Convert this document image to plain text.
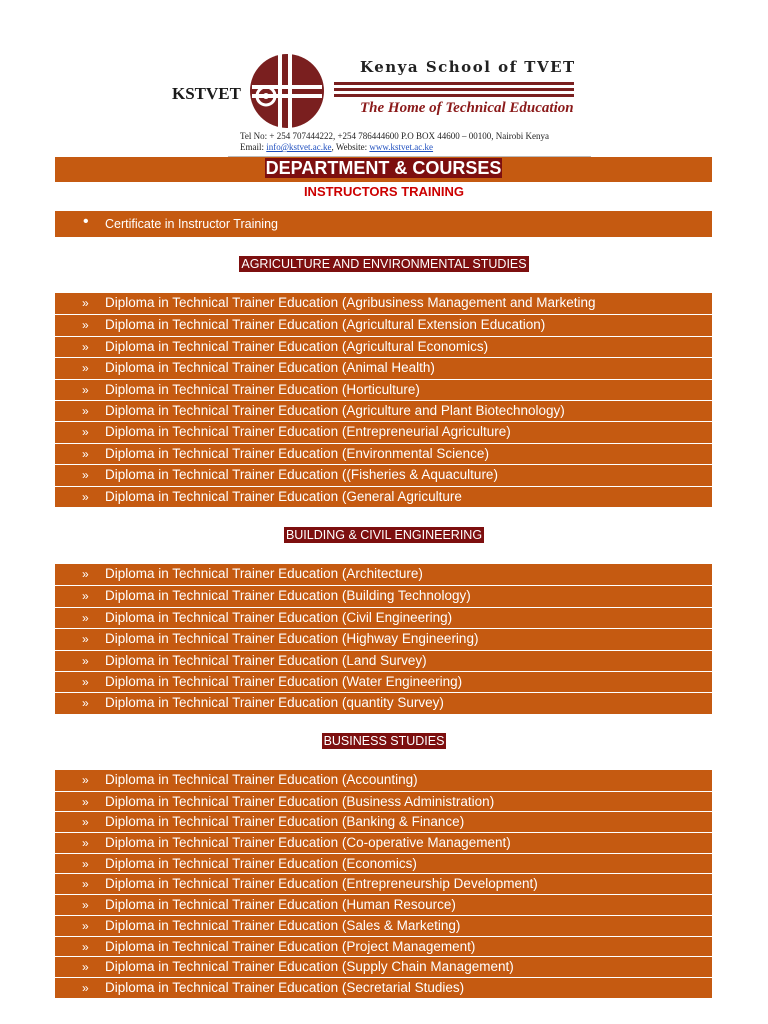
KSTVET
Kenya School of TVET
The Home of Technical Education
Tel No: + 254 707444222, +254 786444600 P.O BOX 44600 – 00100, Nairobi Kenya
Email: info@kstvet.ac.ke, Website: www.kstvet.ac.ke
DEPARTMENT & COURSES
INSTRUCTORS TRAINING
• Certificate in Instructor Training
AGRICULTURE AND ENVIRONMENTAL STUDIES
» Diploma in Technical Trainer Education (Agribusiness Management and Marketing
» Diploma in Technical Trainer Education (Agricultural Extension Education)
» Diploma in Technical Trainer Education (Agricultural Economics)
» Diploma in Technical Trainer Education (Animal Health)
» Diploma in Technical Trainer Education (Horticulture)
» Diploma in Technical Trainer Education (Agriculture and Plant Biotechnology)
» Diploma in Technical Trainer Education (Entrepreneurial Agriculture)
» Diploma in Technical Trainer Education (Environmental Science)
» Diploma in Technical Trainer Education ((Fisheries & Aquaculture)
» Diploma in Technical Trainer Education (General Agriculture
BUILDING & CIVIL ENGINEERING
» Diploma in Technical Trainer Education (Architecture)
» Diploma in Technical Trainer Education (Building Technology)
» Diploma in Technical Trainer Education (Civil Engineering)
» Diploma in Technical Trainer Education (Highway Engineering)
» Diploma in Technical Trainer Education (Land Survey)
» Diploma in Technical Trainer Education (Water Engineering)
» Diploma in Technical Trainer Education (quantity Survey)
BUSINESS STUDIES
» Diploma in Technical Trainer Education (Accounting)
» Diploma in Technical Trainer Education (Business Administration)
» Diploma in Technical Trainer Education (Banking & Finance)
» Diploma in Technical Trainer Education (Co-operative Management)
» Diploma in Technical Trainer Education (Economics)
» Diploma in Technical Trainer Education (Entrepreneurship Development)
» Diploma in Technical Trainer Education (Human Resource)
» Diploma in Technical Trainer Education (Sales & Marketing)
» Diploma in Technical Trainer Education (Project Management)
» Diploma in Technical Trainer Education (Supply Chain Management)
» Diploma in Technical Trainer Education (Secretarial Studies)
